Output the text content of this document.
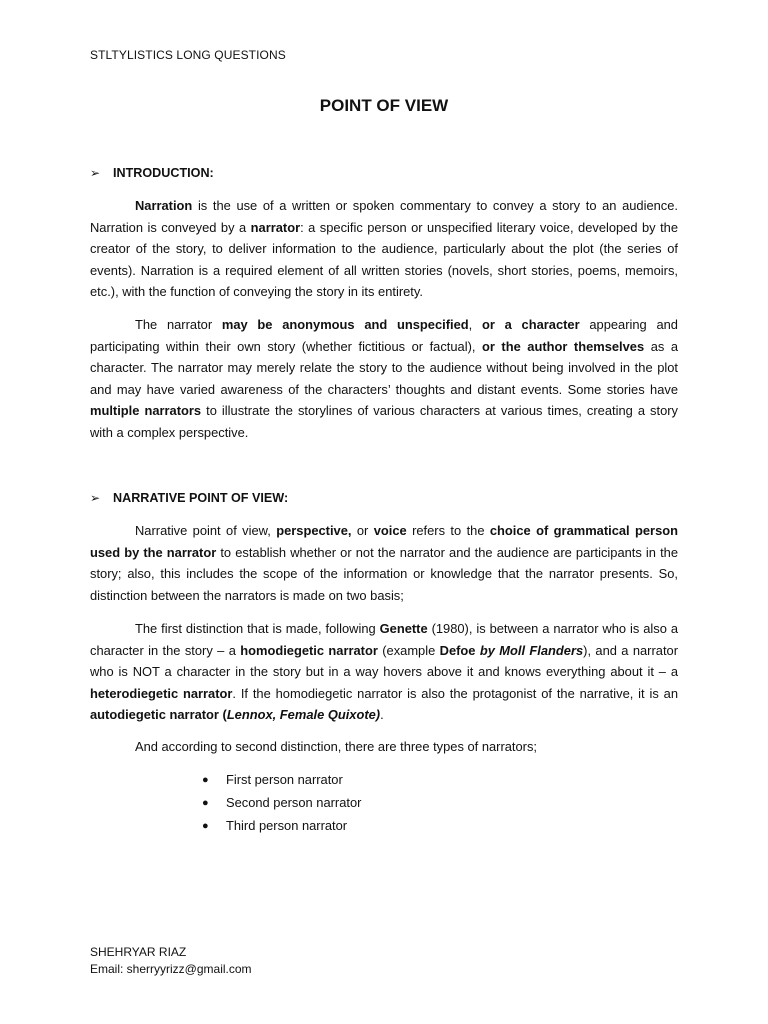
STLTYLISTICS LONG QUESTIONS
POINT OF VIEW
➢	INTRODUCTION:
Narration is the use of a written or spoken commentary to convey a story to an audience. Narration is conveyed by a narrator: a specific person or unspecified literary voice, developed by the creator of the story, to deliver information to the audience, particularly about the plot (the series of events). Narration is a required element of all written stories (novels, short stories, poems, memoirs, etc.), with the function of conveying the story in its entirety.
The narrator may be anonymous and unspecified, or a character appearing and participating within their own story (whether fictitious or factual), or the author themselves as a character. The narrator may merely relate the story to the audience without being involved in the plot and may have varied awareness of the characters’ thoughts and distant events. Some stories have multiple narrators to illustrate the storylines of various characters at various times, creating a story with a complex perspective.
➢	NARRATIVE POINT OF VIEW:
Narrative point of view, perspective, or voice refers to the choice of grammatical person used by the narrator to establish whether or not the narrator and the audience are participants in the story; also, this includes the scope of the information or knowledge that the narrator presents. So, distinction between the narrators is made on two basis;
The first distinction that is made, following Genette (1980), is between a narrator who is also a character in the story – a homodiegetic narrator (example Defoe by Moll Flanders), and a narrator who is NOT a character in the story but in a way hovers above it and knows everything about it – a heterodiegetic narrator. If the homodiegetic narrator is also the protagonist of the narrative, it is an autodiegetic narrator (Lennox, Female Quixote).
And according to second distinction, there are three types of narrators;
● First person narrator
● Second person narrator
● Third person narrator
SHEHRYAR RIAZ
Email: sherryyrizz@gmail.com
